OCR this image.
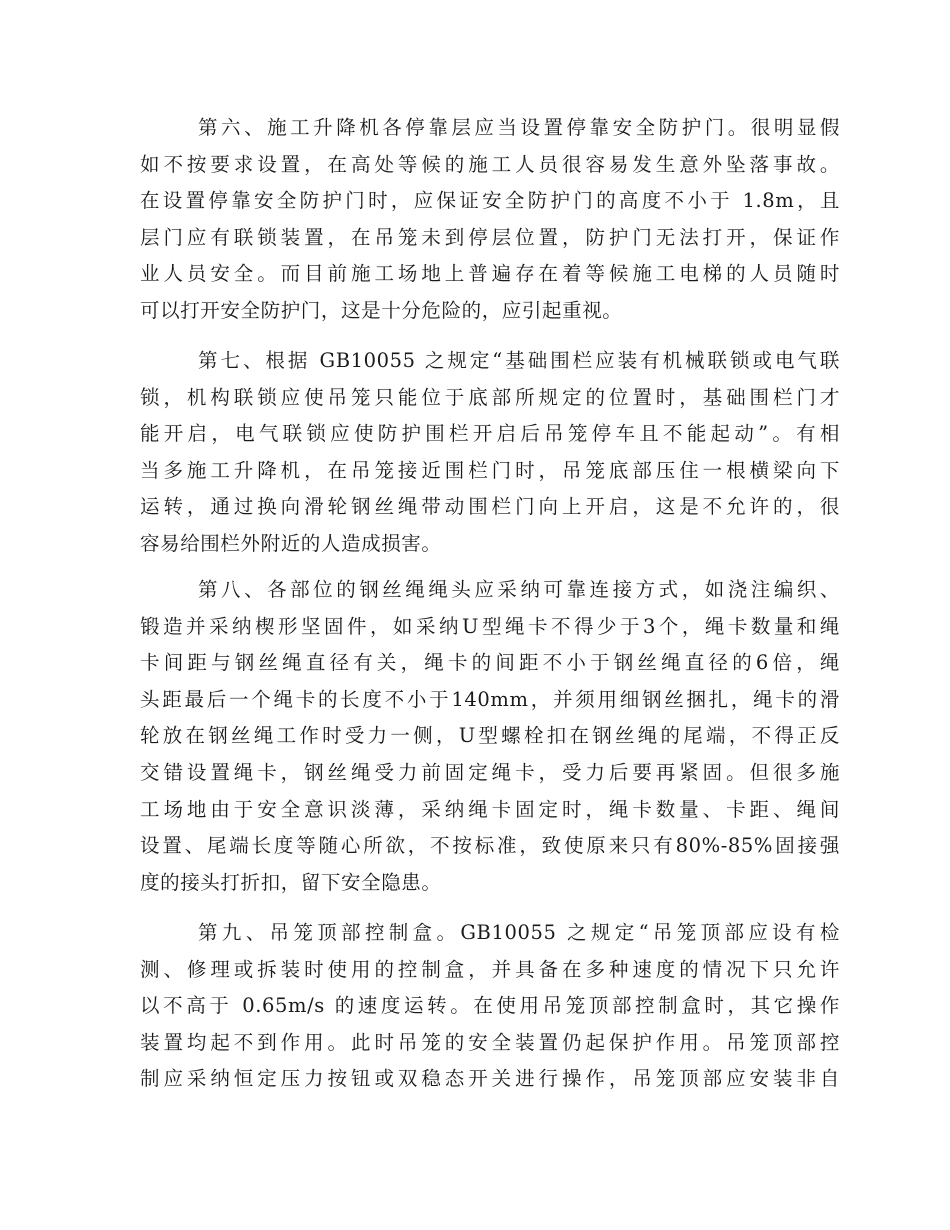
第六、施工升降机各停靠层应当设置停靠安全防护门。很明显假
如不按要求设置，在高处等候的施工人员很容易发生意外坠落事故。
在设置停靠安全防护门时，应保证安全防护门的高度不小于 1.8m，且
层门应有联锁装置，在吊笼未到停层位置，防护门无法打开，保证作
业人员安全。而目前施工场地上普遍存在着等候施工电梯的人员随时
可以打开安全防护门，这是十分危险的，应引起重视。
第七、根据 GB10055 之规定“基础围栏应装有机械联锁或电气联
锁，机构联锁应使吊笼只能位于底部所规定的位置时，基础围栏门才
能开启，电气联锁应使防护围栏开启后吊笼停车且不能起动”。有相
当多施工升降机，在吊笼接近围栏门时，吊笼底部压住一根横梁向下
运转，通过换向滑轮钢丝绳带动围栏门向上开启，这是不允许的，很
容易给围栏外附近的人造成损害。
第八、各部位的钢丝绳绳头应采纳可靠连接方式，如浇注编织、
锻造并采纳楔形坚固件，如采纳U型绳卡不得少于3个，绳卡数量和绳
卡间距与钢丝绳直径有关，绳卡的间距不小于钢丝绳直径的6倍，绳
头距最后一个绳卡的长度不小于140mm，并须用细钢丝捆扎，绳卡的滑
轮放在钢丝绳工作时受力一侧，U型螺栓扣在钢丝绳的尾端，不得正反
交错设置绳卡，钢丝绳受力前固定绳卡，受力后要再紧固。但很多施
工场地由于安全意识淡薄，采纳绳卡固定时，绳卡数量、卡距、绳间
设置、尾端长度等随心所欲，不按标准，致使原来只有80%-85%固接强
度的接头打折扣，留下安全隐患。
第九、吊笼顶部控制盒。GB10055 之规定“吊笼顶部应设有检
测、修理或拆装时使用的控制盒，并具备在多种速度的情况下只允许
以不高于 0.65m/s 的速度运转。在使用吊笼顶部控制盒时，其它操作
装置均起不到作用。此时吊笼的安全装置仍起保护作用。吊笼顶部控
制应采纳恒定压力按钮或双稳态开关进行操作，吊笼顶部应安装非自
